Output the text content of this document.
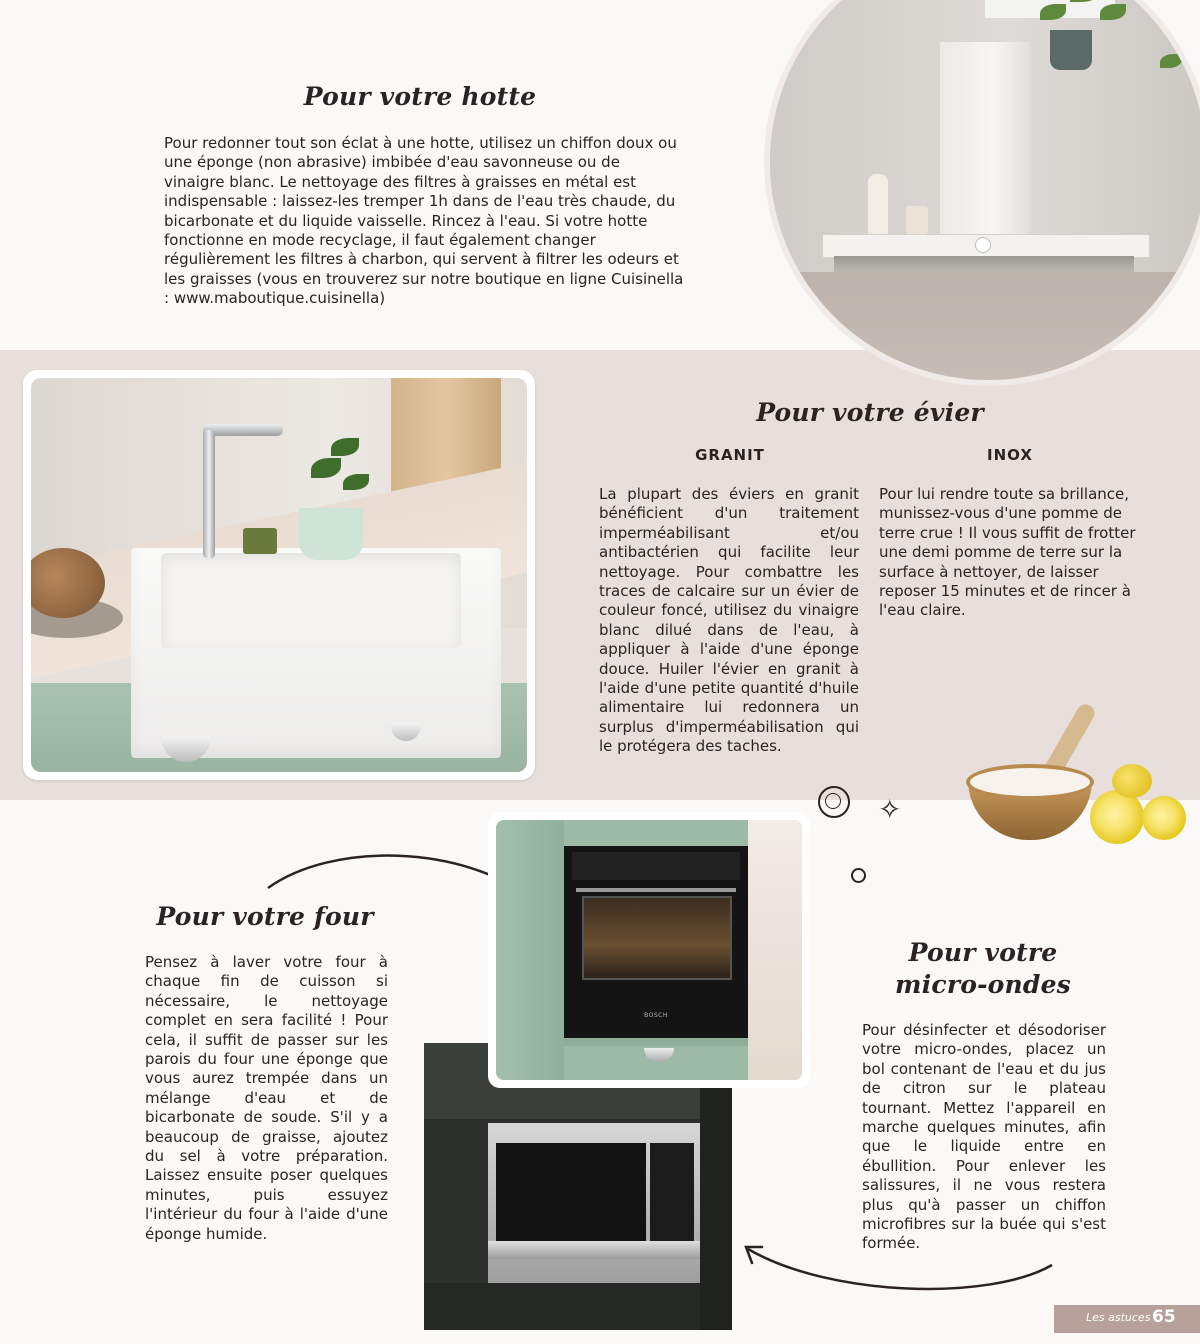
Pour votre hotte

Pour redonner tout son éclat à une hotte, utilisez un chiffon doux ou une éponge (non abrasive) imbibée d'eau savonneuse ou de vinaigre blanc. Le nettoyage des filtres à graisses en métal est indispensable : laissez-les tremper 1h dans de l'eau très chaude, du bicarbonate et du liquide vaisselle. Rincez à l'eau. Si votre hotte fonctionne en mode recyclage, il faut également changer régulièrement les filtres à charbon, qui servent à filtrer les odeurs et les graisses (vous en trouverez sur notre boutique en ligne Cuisinella : www.maboutique.cuisinella)

Pour votre évier
GRANIT	INOX

La plupart des éviers en granit bénéficient d'un traitement imperméabilisant et/ou antibactérien qui facilite leur nettoyage. Pour combattre les traces de calcaire sur un évier de couleur foncé, utilisez du vinaigre blanc dilué dans de l'eau, à appliquer à l'aide d'une éponge douce. Huiler l'évier en granit à l'aide d'une petite quantité d'huile alimentaire lui redonnera un surplus d'imperméabilisation qui le protégera des taches.

Pour lui rendre toute sa brillance, munissez-vous d'une pomme de terre crue ! Il vous suffit de frotter une demi pomme de terre sur la surface à nettoyer, de laisser reposer 15 minutes et de rincer à l'eau claire.

✧
Pour votre four

Pensez à laver votre four à chaque fin de cuisson si nécessaire, le nettoyage complet en sera facilité ! Pour cela, il suffit de passer sur les parois du four une éponge que vous aurez trempée dans un mélange d'eau et de bicarbonate de soude. S'il y a beaucoup de graisse, ajoutez du sel à votre préparation. Laissez ensuite poser quelques minutes, puis essuyez l'intérieur du four à l'aide d'une éponge humide.

BOSCH
Pour votre
micro-ondes

Pour désinfecter et désodoriser votre micro-ondes, placez un bol contenant de l'eau et du jus de citron sur le plateau tournant. Mettez l'appareil en marche quelques minutes, afin que le liquide entre en ébullition. Pour enlever les salissures, il ne vous restera plus qu'à passer un chiffon microfibres sur la buée qui s'est formée.

Les astuces ·
65
